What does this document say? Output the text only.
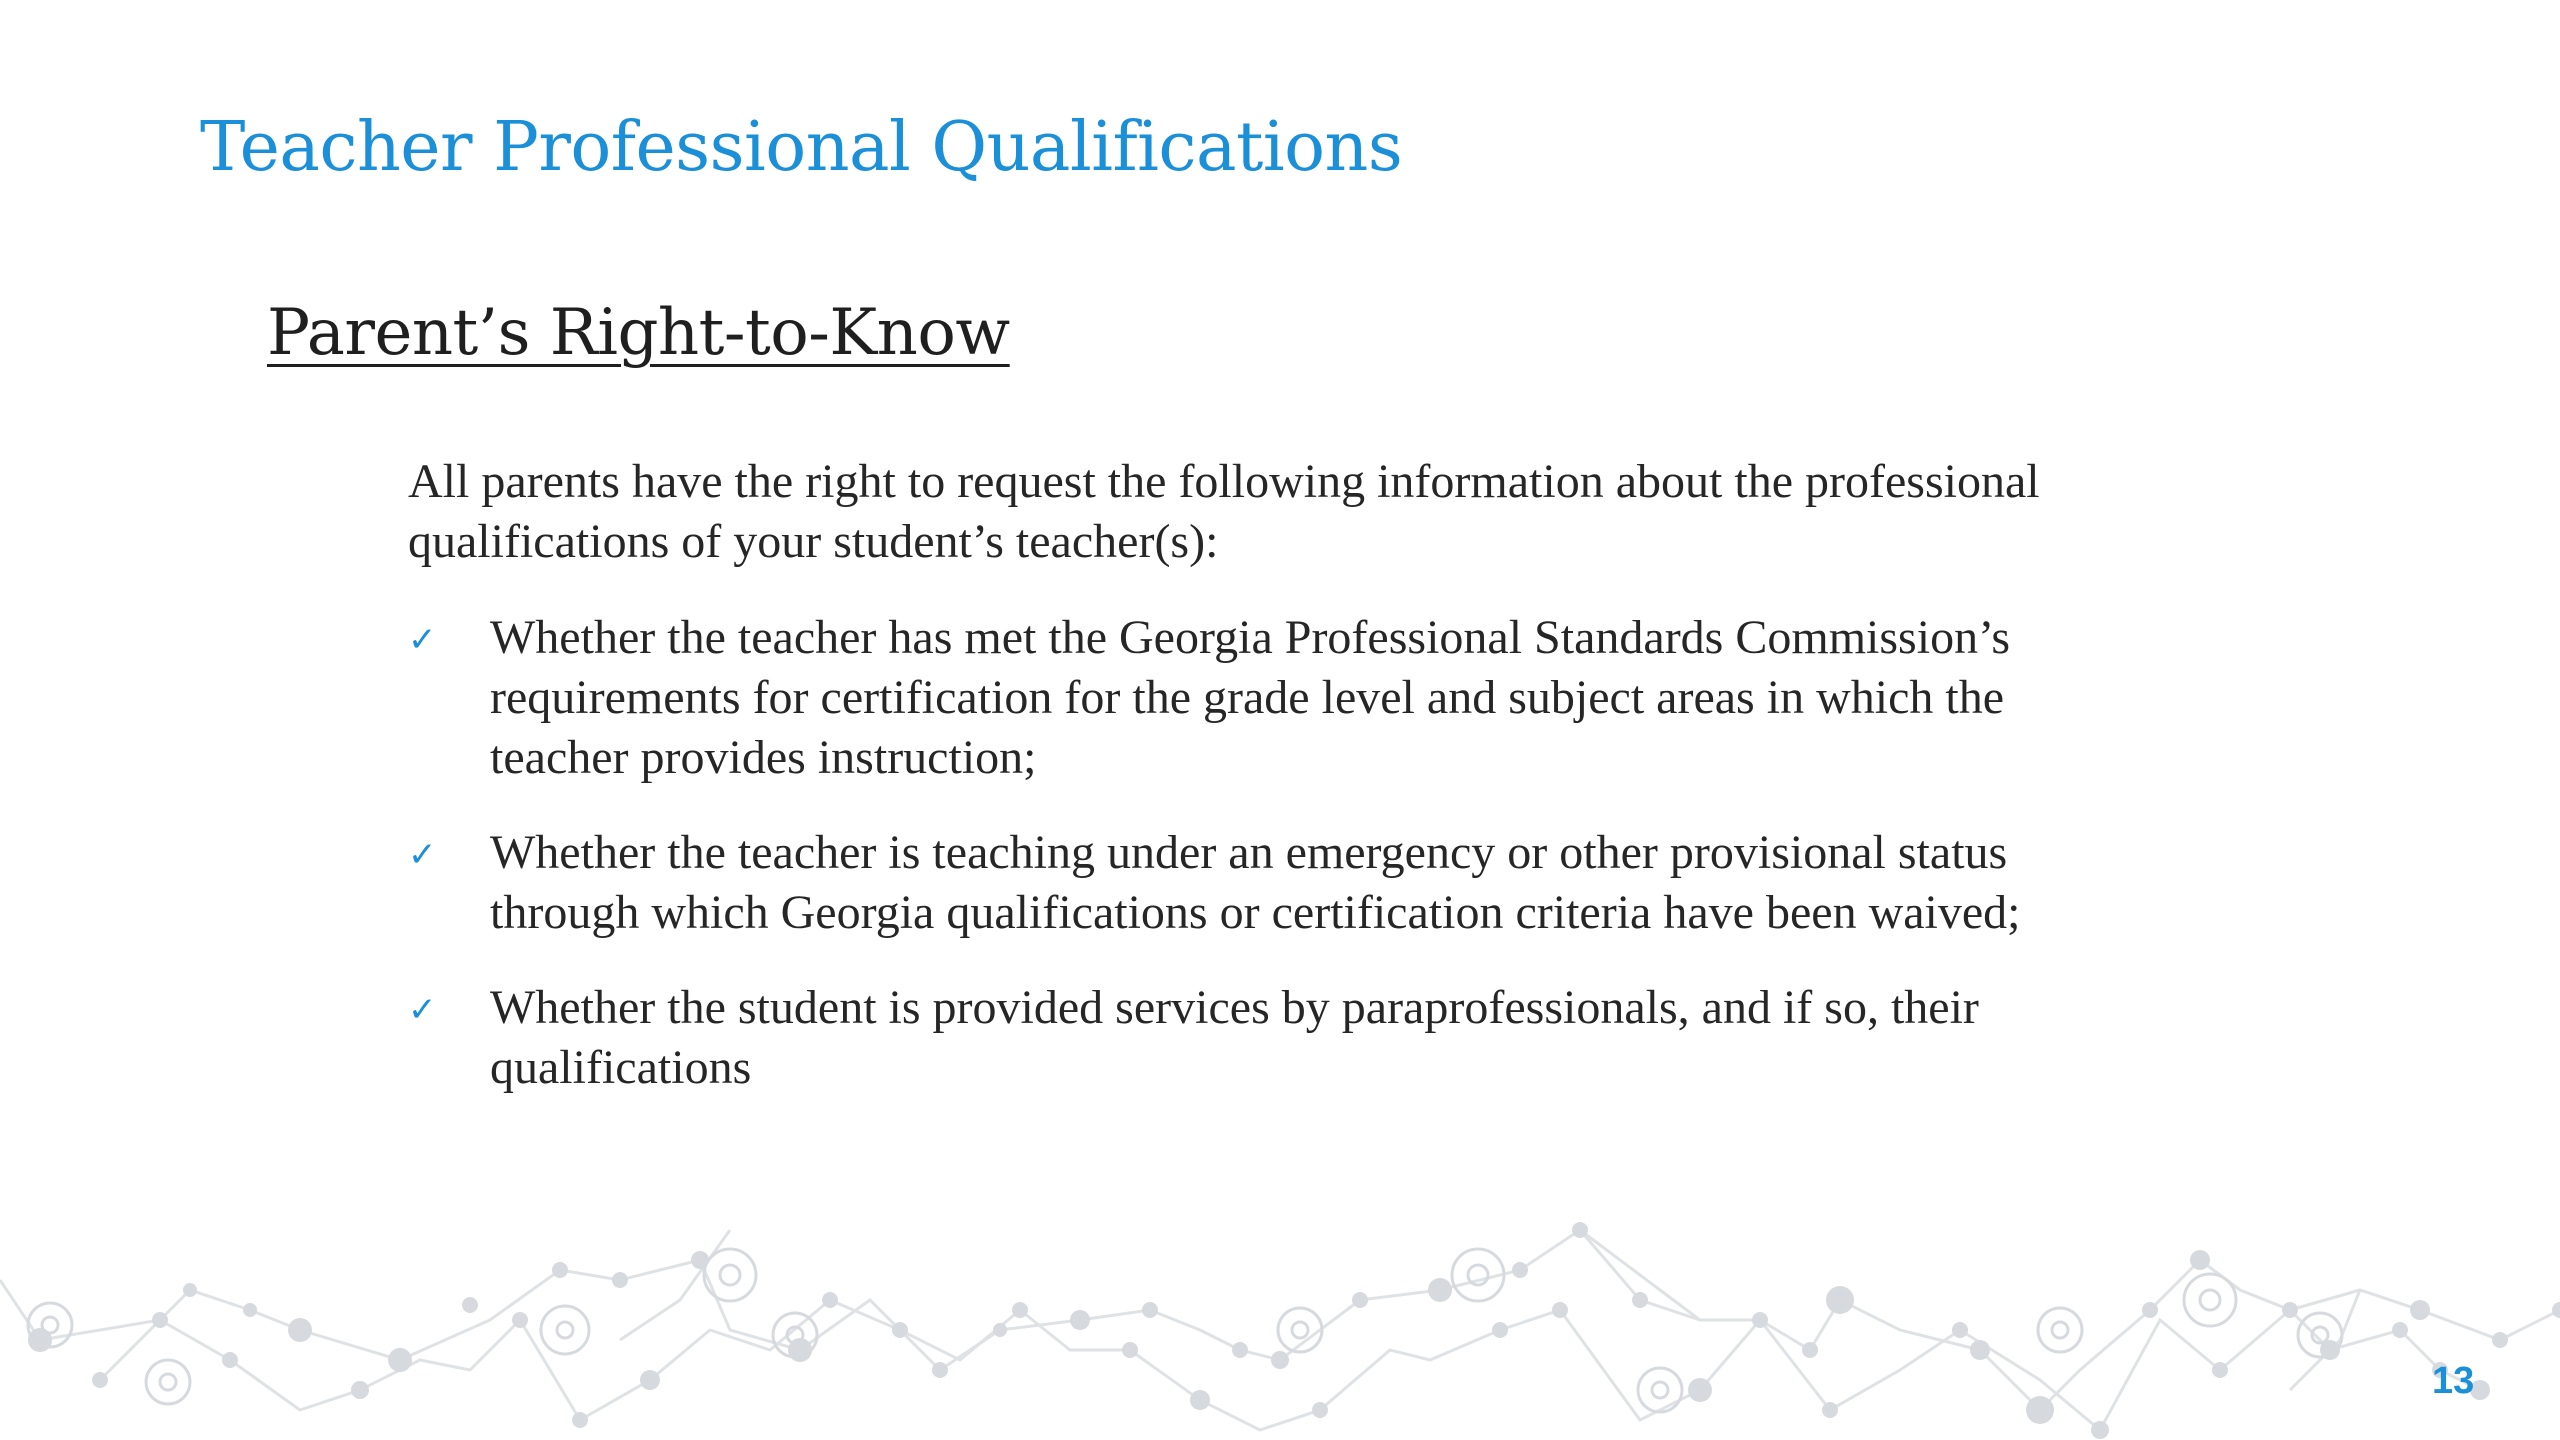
Teacher Professional Qualifications
Parent’s Right-to-Know

All parents have the right to request the following information about the professional qualifications of your student’s teacher(s):

✓ Whether the teacher has met the Georgia Professional Standards Commission’s requirements for certification for the grade level and subject areas in which the teacher provides instruction;
✓ Whether the teacher is teaching under an emergency or other provisional status through which Georgia qualifications or certification criteria have been waived;
✓ Whether the student is provided services by paraprofessionals, and if so, their qualifications
13
